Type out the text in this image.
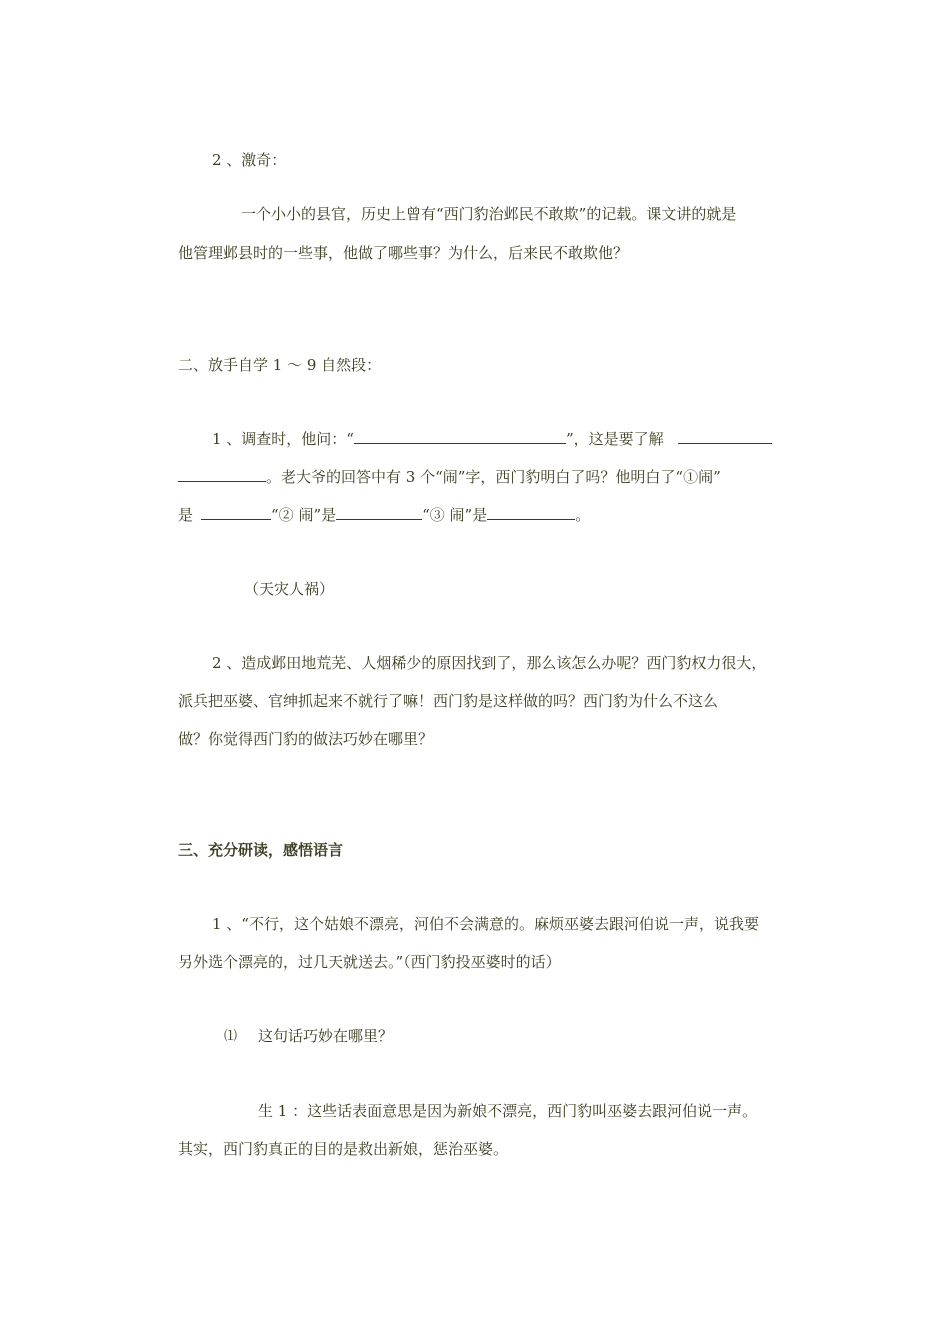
2 、激奇：
一个小小的县官，历史上曾有“西门豹治邺民不敢欺”的记载。课文讲的就是
他管理邺县时的一些事，他做了哪些事？为什么，后来民不敢欺他？
二、放手自学 1 ～ 9 自然段：
1 、调查时，他问：“	”，这是要了解
。老大爷的回答中有 3 个“闹”字，西门豹明白了吗？他明白了“①闹”
是	“② 闹”是	“③ 闹”是	。
（天灾人祸）
2 、造成邺田地荒芜、人烟稀少的原因找到了，那么该怎么办呢？西门豹权力很大，
派兵把巫婆、官绅抓起来不就行了嘛！西门豹是这样做的吗？西门豹为什么不这么
做？你觉得西门豹的做法巧妙在哪里？
三、充分研读，感悟语言
1 、“不行，这个姑娘不漂亮，河伯不会满意的。麻烦巫婆去跟河伯说一声，说我要
另外选个漂亮的，过几天就送去。”（西门豹投巫婆时的话）
⑴ 这句话巧妙在哪里？
生 1 ：这些话表面意思是因为新娘不漂亮，西门豹叫巫婆去跟河伯说一声。
其实，西门豹真正的目的是救出新娘，惩治巫婆。
